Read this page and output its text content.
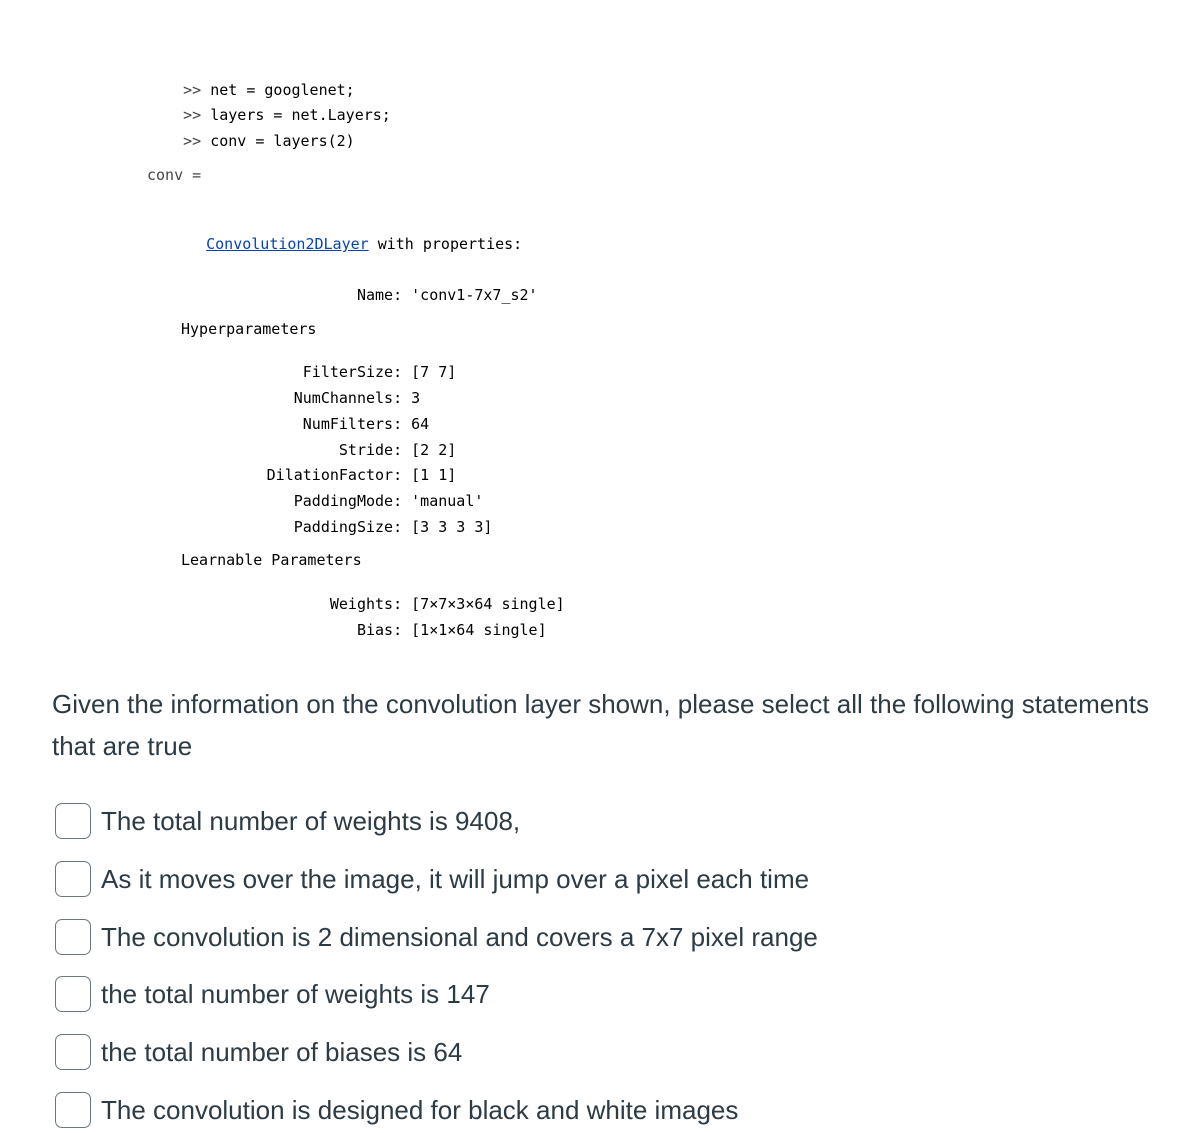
>> net = googlenet;

>> layers = net.Layers;

>> conv = layers(2)

conv =

Convolution2DLayer with properties:

Name: 'conv1-7x7_s2'

Hyperparameters

FilterSize: [7 7]

NumChannels: 3

NumFilters: 64

Stride: [2 2]

DilationFactor: [1 1]

PaddingMode: 'manual'

PaddingSize: [3 3 3 3]

Learnable Parameters

Weights: [7×7×3×64 single]

Bias: [1×1×64 single]

Given the information on the convolution layer shown, please select all the following statements that are true
The total number of weights is 9408,
As it moves over the image, it will jump over a pixel each time
The convolution is 2 dimensional and covers a 7x7 pixel range
the total number of weights is 147
the total number of biases is 64
The convolution is designed for black and white images
